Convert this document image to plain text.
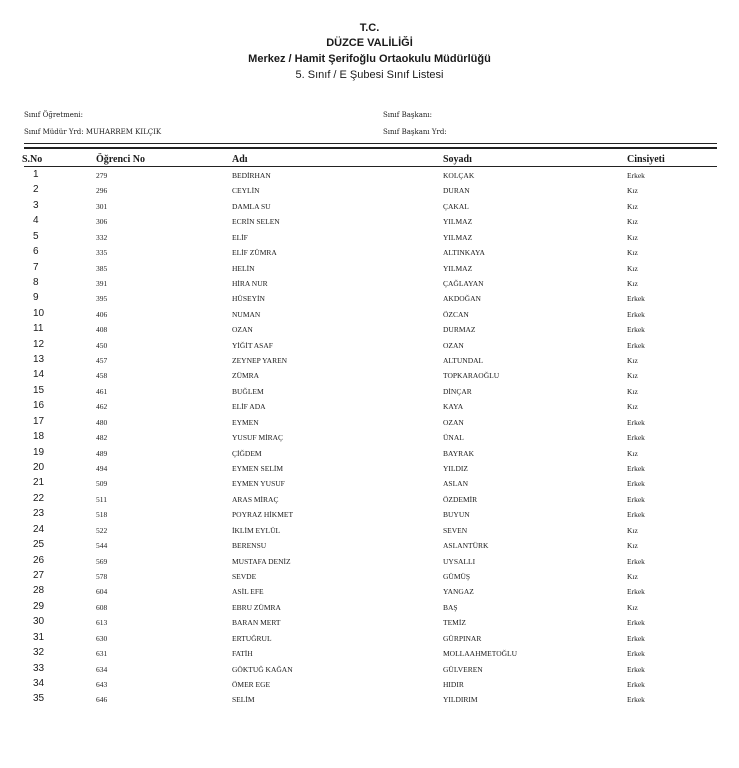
T.C.
DÜZCE VALİLİĞİ
Merkez / Hamit Şerifoğlu Ortaokulu Müdürlüğü
5. Sınıf / E Şubesi Sınıf Listesi
Sınıf Öğretmeni:	Sınıf Başkanı:
Sınıf Müdür Yrd: MUHARREM KILÇIK	Sınıf Başkanı Yrd:
S.No	Öğrenci No	Adı	Soyadı	Cinsiyeti
1	279	BEDİRHAN	KOLÇAK	Erkek
2	296	CEYLİN	DURAN	Kız
3	301	DAMLA SU	ÇAKAL	Kız
4	306	ECRİN SELEN	YILMAZ	Kız
5	332	ELİF	YILMAZ	Kız
6	335	ELİF ZÜMRA	ALTINKAYA	Kız
7	385	HELİN	YILMAZ	Kız
8	391	HİRA NUR	ÇAĞLAYAN	Kız
9	395	HÜSEYİN	AKDOĞAN	Erkek
10	406	NUMAN	ÖZCAN	Erkek
11	408	OZAN	DURMAZ	Erkek
12	450	YİĞİT ASAF	OZAN	Erkek
13	457	ZEYNEP YAREN	ALTUNDAL	Kız
14	458	ZÜMRA	TOPKARAOĞLU	Kız
15	461	BUĞLEM	DİNÇAR	Kız
16	462	ELİF ADA	KAYA	Kız
17	480	EYMEN	OZAN	Erkek
18	482	YUSUF MİRAÇ	ÜNAL	Erkek
19	489	ÇİĞDEM	BAYRAK	Kız
20	494	EYMEN SELİM	YILDIZ	Erkek
21	509	EYMEN YUSUF	ASLAN	Erkek
22	511	ARAS MİRAÇ	ÖZDEMİR	Erkek
23	518	POYRAZ HİKMET	BUYUN	Erkek
24	522	İKLİM EYLÜL	SEVEN	Kız
25	544	BERENSU	ASLANTÜRK	Kız
26	569	MUSTAFA DENİZ	UYSALLI	Erkek
27	578	SEVDE	GÜMÜŞ	Kız
28	604	ASİL EFE	YANGAZ	Erkek
29	608	EBRU ZÜMRA	BAŞ	Kız
30	613	BARAN MERT	TEMİZ	Erkek
31	630	ERTUĞRUL	GÜRPINAR	Erkek
32	631	FATİH	MOLLAAHMETOĞLU	Erkek
33	634	GÖKTUĞ KAĞAN	GÜLVEREN	Erkek
34	643	ÖMER EGE	HIDIR	Erkek
35	646	SELİM	YILDIRIM	Erkek
